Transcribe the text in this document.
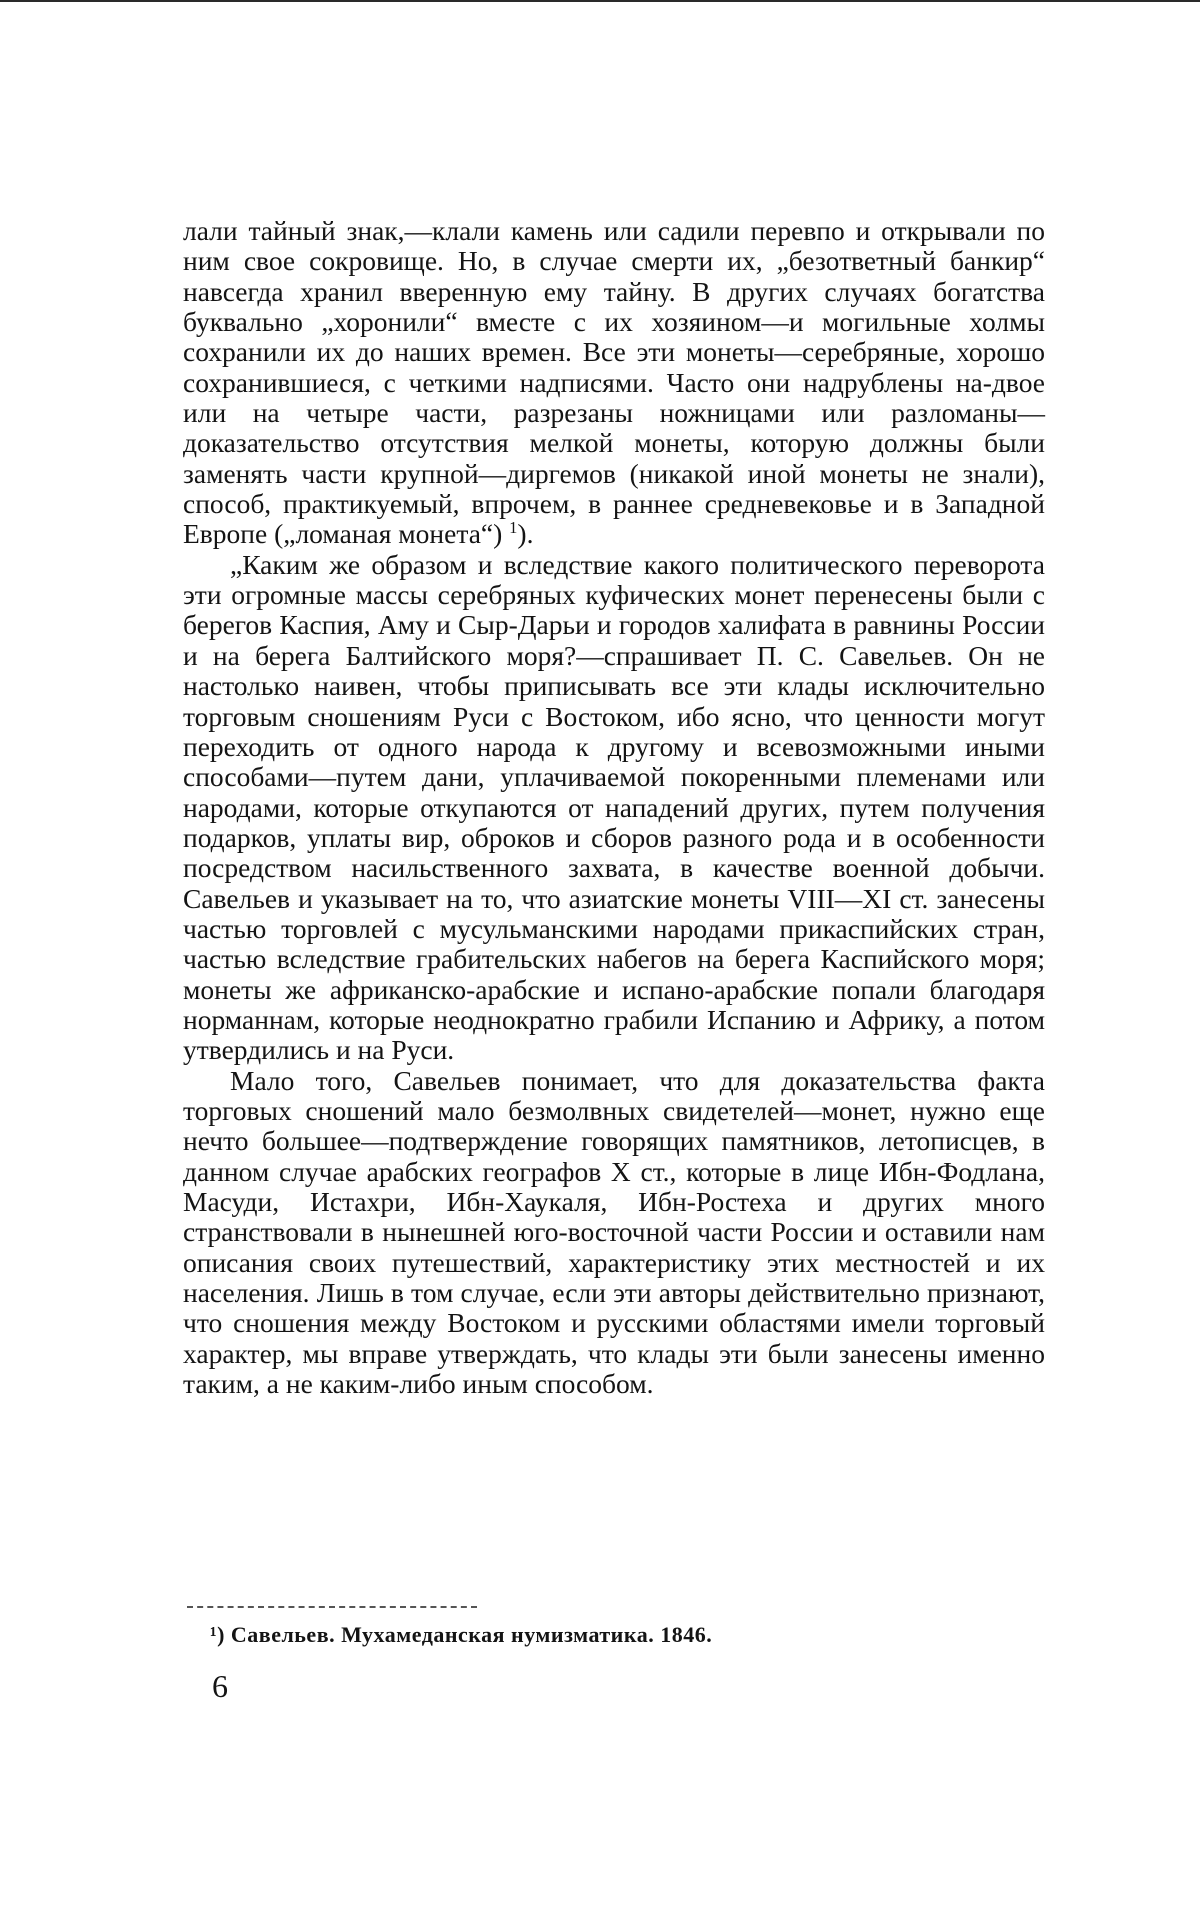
лали тайный знак,—клали камень или садили перевпо и открывали по ним свое сокровище. Но, в случае смерти их, „безответный банкир“ навсегда хранил вверенную ему тайну. В других случаях богатства буквально „хоронили“ вместе с их хозяином—и могильные холмы сохранили их до наших времен. Все эти монеты—серебряные, хорошо сохранившиеся, с четкими надписями. Часто они надрублены на-двое или на четыре части, разрезаны ножницами или разломаны—доказательство отсутствия мелкой монеты, которую должны были заменять части крупной—диргемов (никакой иной монеты не знали), способ, практикуемый, впрочем, в раннее средневековье и в Западной Европе („ломаная монета“) $^1$).

„Каким же образом и вследствие какого политического переворота эти огромные массы серебряных куфических монет перенесены были с берегов Каспия, Аму и Сыр-Дарьи и городов халифата в равнины России и на берега Балтийского моря?—спрашивает П. С. Савельев. Он не настолько наивен, чтобы приписывать все эти клады исключительно торговым сношениям Руси с Востоком, ибо ясно, что ценности могут переходить от одного народа к другому и всевозможными иными способами—путем дани, уплачиваемой покоренными племенами или народами, которые откупаются от нападений других, путем получения подарков, уплаты вир, оброков и сборов разного рода и в особенности посредством насильственного захвата, в качестве военной добычи. Савельев и указывает на то, что азиатские монеты VIII—XI ст. занесены частью торговлей с мусульманскими народами прикаспийских стран, частью вследствие грабительских набегов на берега Каспийского моря; монеты же африканско-арабские и испано-арабские попали благодаря норманнам, которые неоднократно грабили Испанию и Африку, а потом утвердились и на Руси.

Мало того, Савельев понимает, что для доказательства факта торговых сношений мало безмолвных свидетелей—монет, нужно еще нечто большее—подтверждение говорящих памятников, летописцев, в данном случае арабских географов X ст., которые в лице Ибн-Фодлана, Масуди, Истахри, Ибн-Хаукаля, Ибн-Ростеха и других много странствовали в нынешней юго-восточной части России и оставили нам описания своих путешествий, характеристику этих местностей и их населения. Лишь в том случае, если эти авторы действительно признают, что сношения между Востоком и русскими областями имели торговый характер, мы вправе утверждать, что клады эти были занесены именно таким, а не каким-либо иным способом.

¹) Савельев. Мухамеданская нумизматика. 1846.
6
